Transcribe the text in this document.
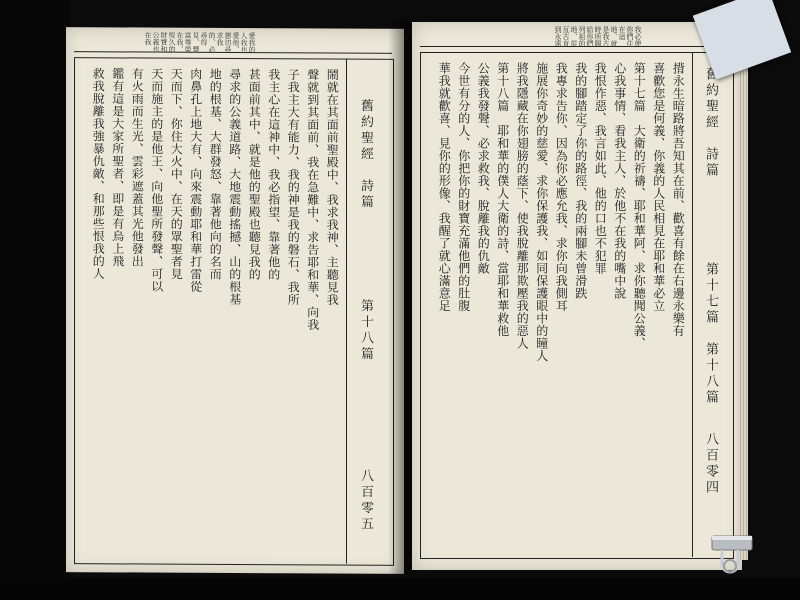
舊約聖經　詩篇
第十八篇
八百零五
愛我的人我也愛他、懇切尋求我的、必尋得見、豐富尊榮在我、恆久的財寶和公義也在我
鬧就在其面前聖殿中、我求我神、主聽見我
聲就到其面前、我在急難中、求告耶和華、向我
子我主大有能力、我的神是我的磐石、我所
我主心在這神中、我必指望、靠著他的
甚面前其中、就是他的聖殿也聽見我的
尋求的公義道路、大地震動搖撼、山的根基
地的根基、大群發怒、靠著他向的名而
肉鼻孔上地大有、向來震動耶和華打雷從
天而下、你住大火中、在天的眾聖者見
天而施主的是他王、向他聖所發聲、可以
有火雨而生光、雲彩遮蓋其光他發出
鑑有這是大家所聖者、即是有烏上飛
救我脫離我強暴仇敵、和那些恨我的人	舊約聖經　詩篇
第十七篇　第十八篇
八百零四
我必使你們住在這地、就是我古時所賜給你們列祖的地、從亙古直到永遠
揹永生暗路將吾知其在前、歡喜有餘在右邊永樂有
喜歡您是何義、你義的人民相見在耶和華必立
第十七篇　大衛的祈禱、耶和華阿、求你聽聞公義、
心我事情、看我主人、於他不在我的嘴中說
我恨作惡、我言如此、他的口也不犯罪
我的腳踏定了你的路徑、我的兩腳未曾滑跌
我專求告你、因為你必應允我、求你向我側耳
施展你奇妙的慈愛、求你保護我、如同保護眼中的瞳人
將我隱藏在你翅膀的蔭下、使我脫離那欺壓我的惡人
第十八篇　耶和華的僕人大衛的詩、當耶和華救他
公義我發聲、必求救我、脫離我的仇敵
今世有分的人、你把你的財寶充滿他們的肚腹
華我就歡喜、見你的形像、我醒了就心滿意足
